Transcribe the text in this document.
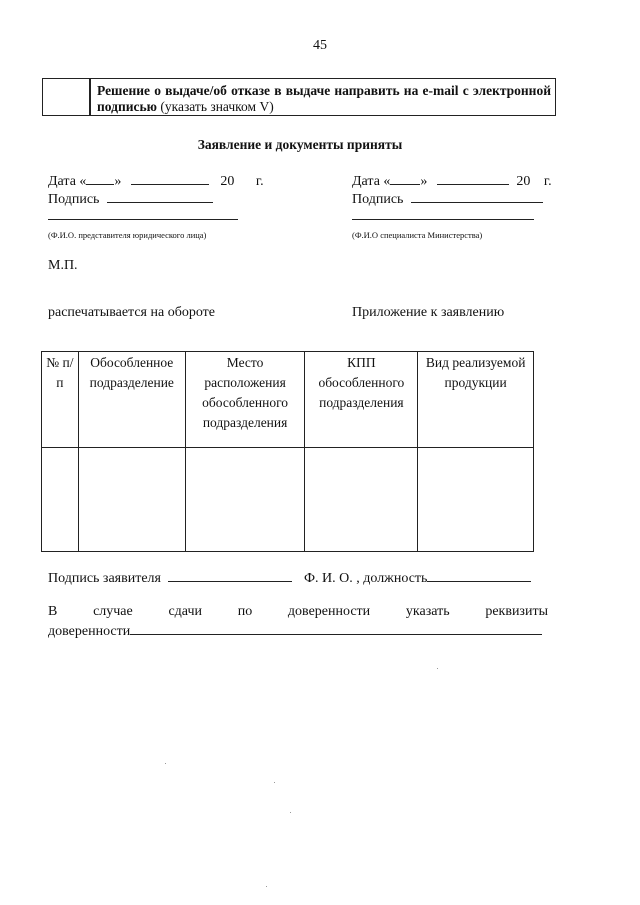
45
Решение о выдаче/об отказе в выдаче направить на e-mail с электронной подписью (указать значком V)
Заявление и документы приняты
Дата « »	20 г.
Подпись
(Ф.И.О. представителя юридического лица)
Дата « »	20 г.
Подпись
(Ф.И.О специалиста Министерства)
М.П.
распечатывается на обороте	Приложение к заявлению
№ п/п	Обособленное подразделение	Место расположения обособленного подразделения	КПП обособленного подразделения	Вид реализуемой продукции

Подпись заявителя	Ф. И. О. , должность
В	случае	сдачи	по	доверенности	указать	реквизиты
доверенности
